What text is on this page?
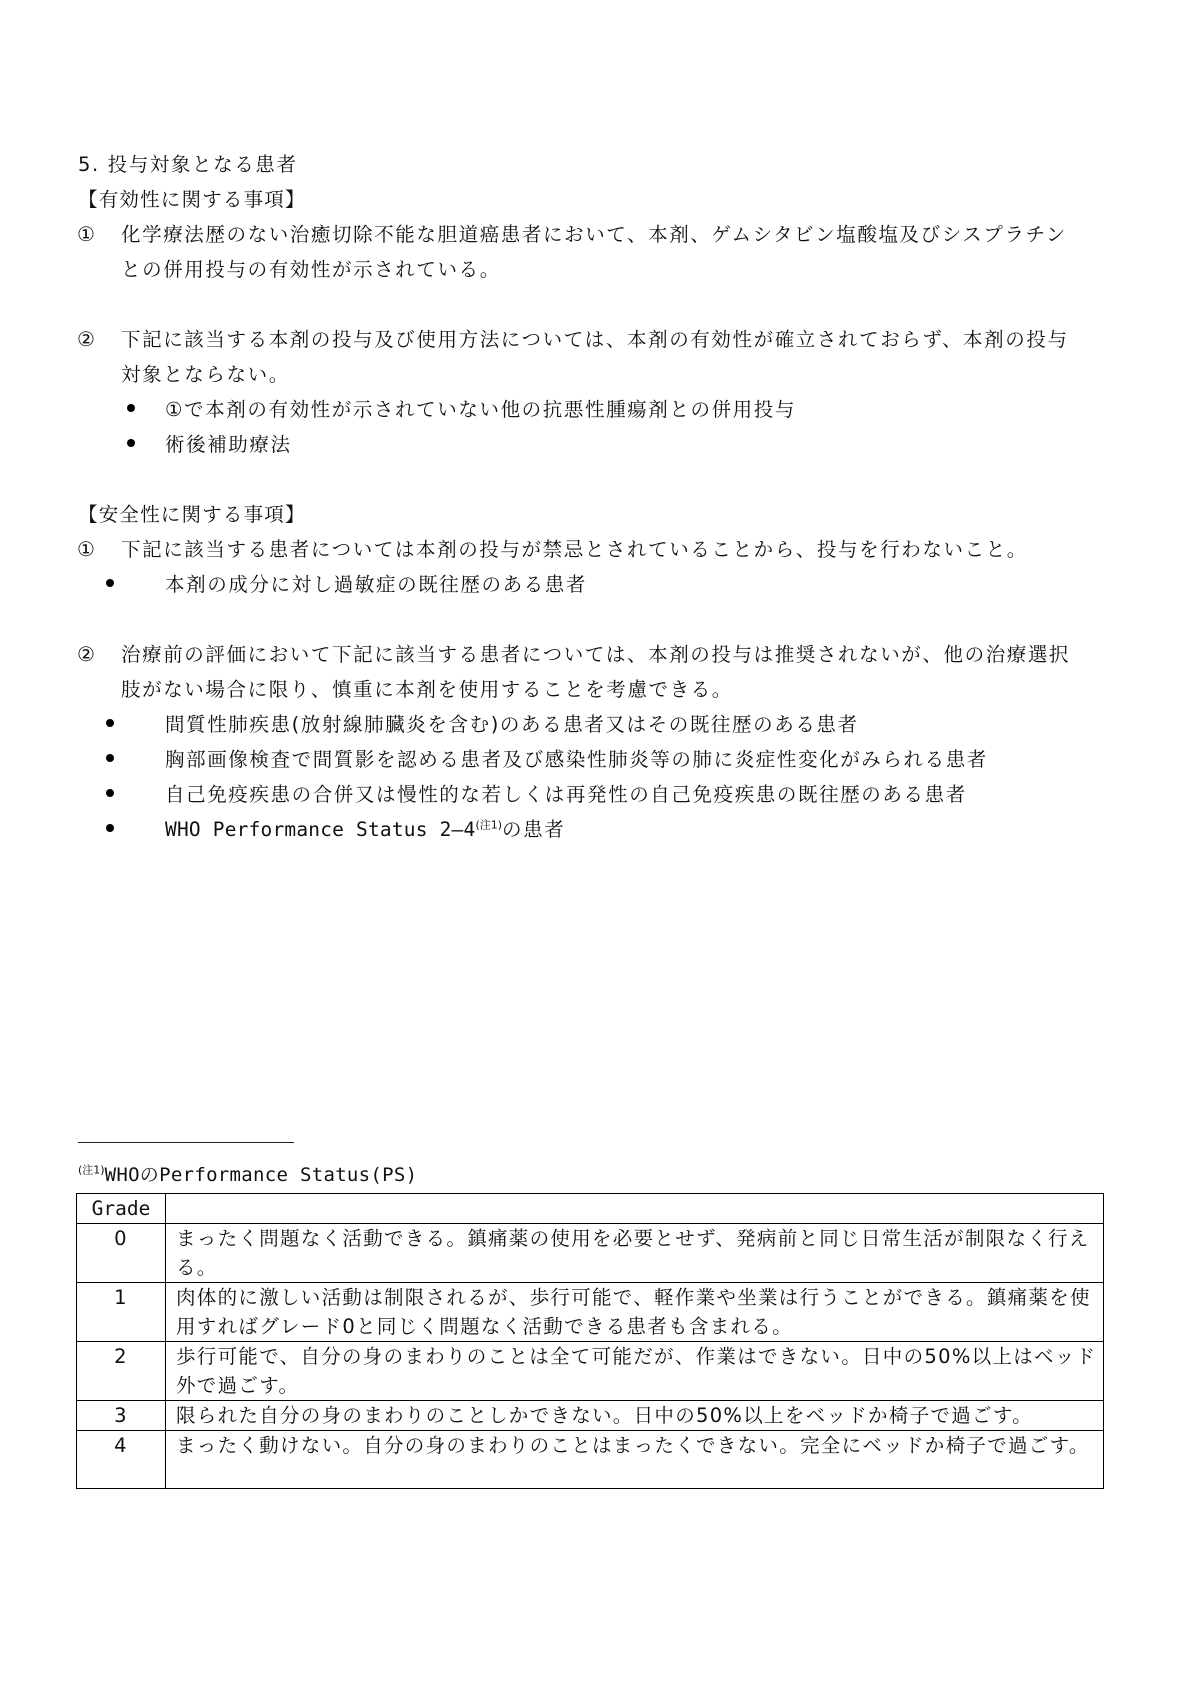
5. 投与対象となる患者
【有効性に関する事項】
① 化学療法歴のない治癒切除不能な胆道癌患者において、本剤、ゲムシタビン塩酸塩及びシスプラチン
との併用投与の有効性が示されている。
② 下記に該当する本剤の投与及び使用方法については、本剤の有効性が確立されておらず、本剤の投与
対象とならない。
①で本剤の有効性が示されていない他の抗悪性腫瘍剤との併用投与
術後補助療法
【安全性に関する事項】
① 下記に該当する患者については本剤の投与が禁忌とされていることから、投与を行わないこと。
本剤の成分に対し過敏症の既往歴のある患者
② 治療前の評価において下記に該当する患者については、本剤の投与は推奨されないが、他の治療選択
肢がない場合に限り、慎重に本剤を使用することを考慮できる。
間質性肺疾患(放射線肺臓炎を含む)のある患者又はその既往歴のある患者
胸部画像検査で間質影を認める患者及び感染性肺炎等の肺に炎症性変化がみられる患者
自己免疫疾患の合併又は慢性的な若しくは再発性の自己免疫疾患の既往歴のある患者
WHO Performance Status $2―4^{(注1)}$の患者
$^{(注1)}$WHOのPerformance Status(PS)
Grade	
0	まったく問題なく活動できる。鎮痛薬の使用を必要とせず、発病前と同じ日常生活が制限なく行える。
1	肉体的に激しい活動は制限されるが、歩行可能で、軽作業や坐業は行うことができる。鎮痛薬を使用すればグレード0と同じく問題なく活動できる患者も含まれる。
2	歩行可能で、自分の身のまわりのことは全て可能だが、作業はできない。日中の50%以上はベッド外で過ごす。
3	限られた自分の身のまわりのことしかできない。日中の50%以上をベッドか椅子で過ごす。
4	まったく動けない。自分の身のまわりのことはまったくできない。完全にベッドか椅子で過ごす。
